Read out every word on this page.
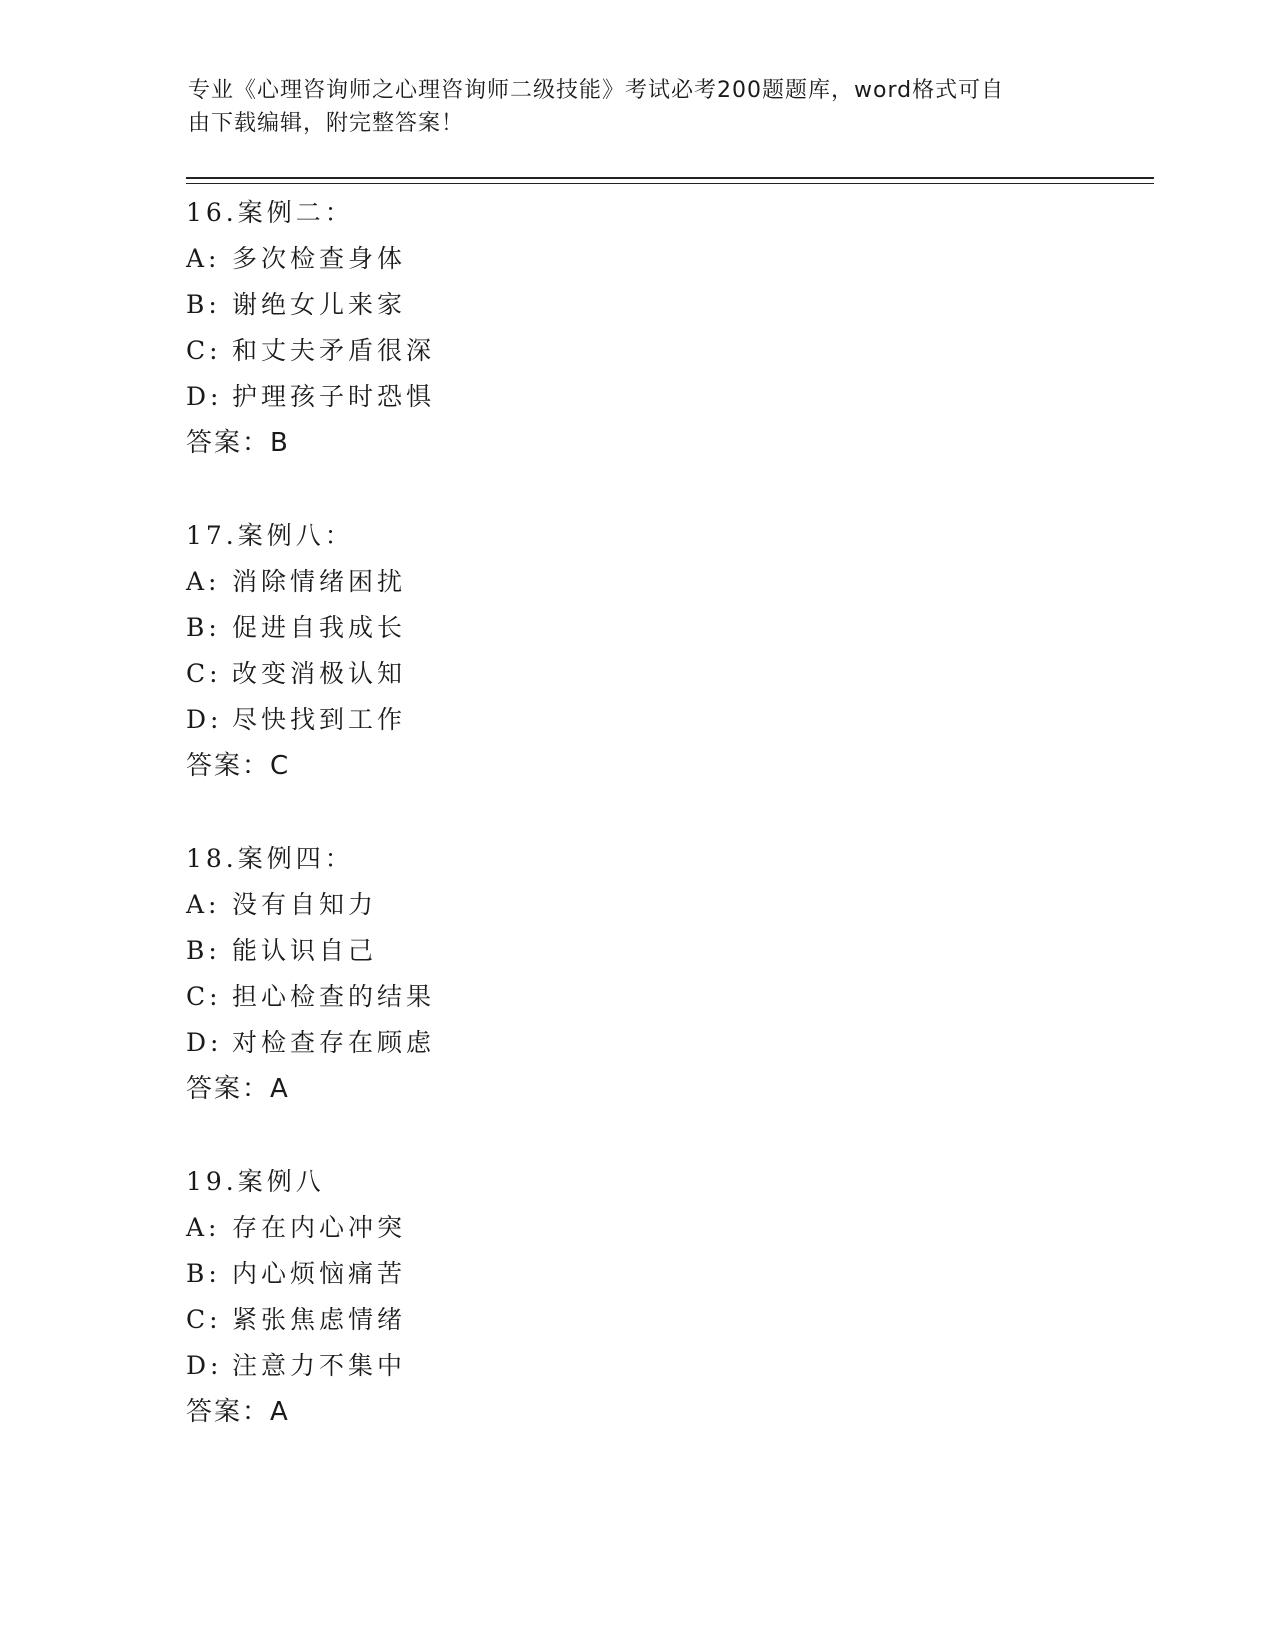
专业《心理咨询师之心理咨询师二级技能》考试必考200题题库，word格式可自
由下载编辑，附完整答案！
16.案例二：
A: 多次检查身体
B: 谢绝女儿来家
C: 和丈夫矛盾很深
D: 护理孩子时恐惧
答案：B
17.案例八：
A: 消除情绪困扰
B: 促进自我成长
C: 改变消极认知
D: 尽快找到工作
答案：C
18.案例四：
A: 没有自知力
B: 能认识自己
C: 担心检查的结果
D: 对检查存在顾虑
答案：A
19.案例八
A: 存在内心冲突
B: 内心烦恼痛苦
C: 紧张焦虑情绪
D: 注意力不集中
答案：A
